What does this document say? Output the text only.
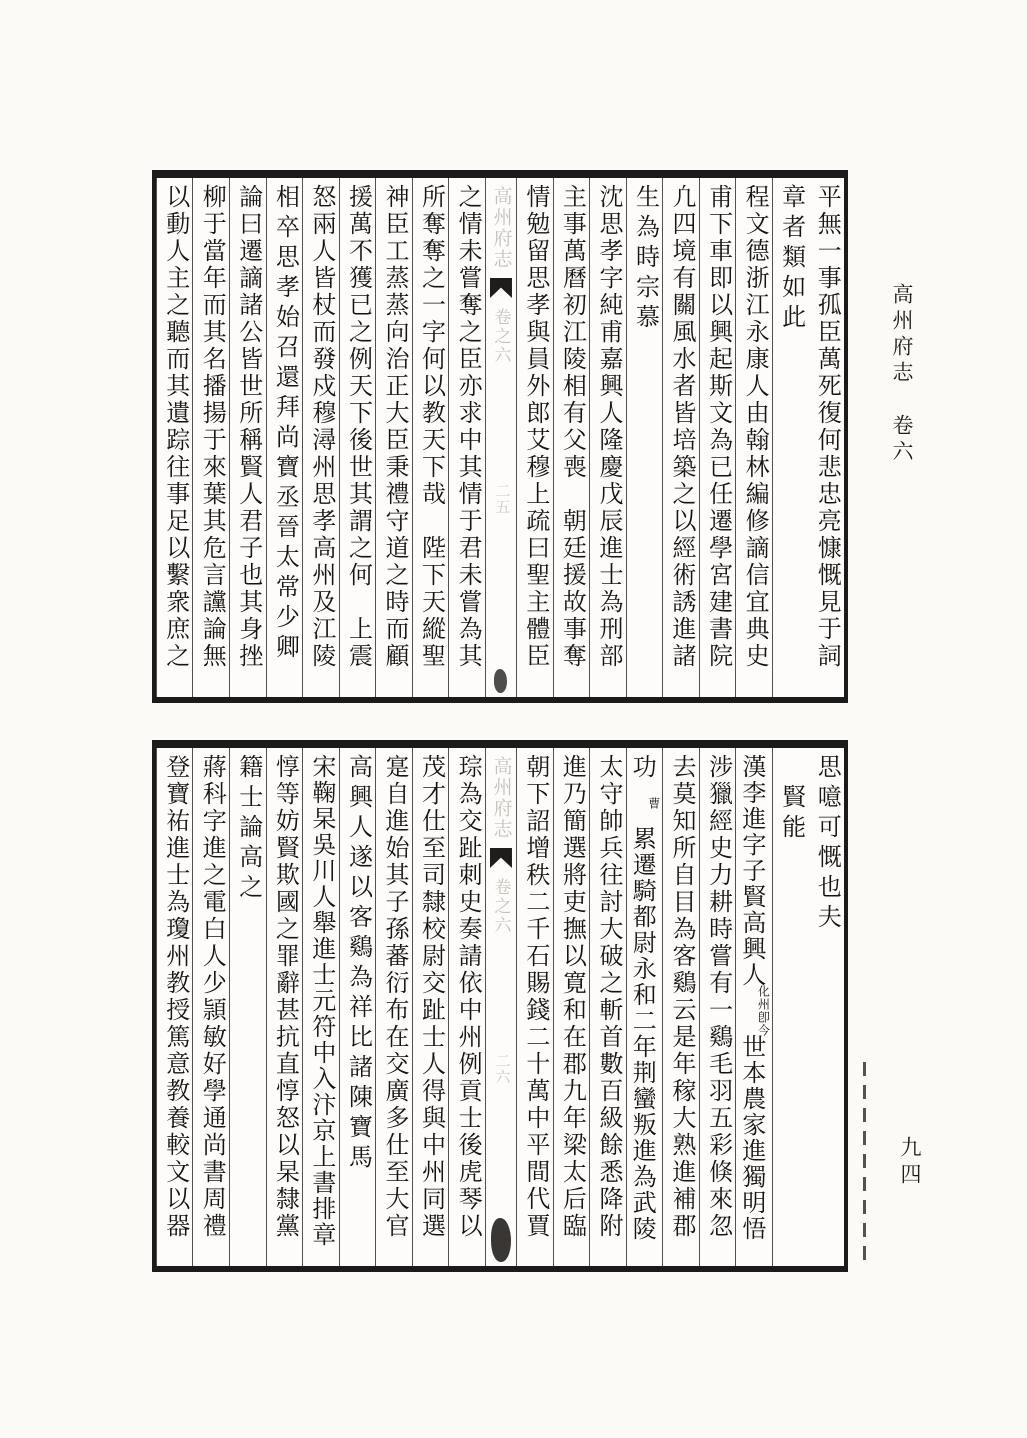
高州府志卷六
九四
平無一事孤臣萬死復何悲忠亮慷慨見于詞
章者類如此
程文德浙江永康人由翰林編修謫信宜典史
甫下車即以興起斯文為已任遷學宮建書院
凢四境有關風水者皆培築之以經術誘進諸
生為時宗慕
沈思孝字純甫嘉興人隆慶戊辰進士為刑部
主事萬曆初江陵相有父喪　朝廷援故事奪
情勉留思孝與員外郎艾穆上疏曰聖主體臣
高州府志
卷之六
二五
之情未嘗奪之臣亦求中其情于君未嘗為其
所奪奪之一字何以教天下哉　陛下天縱聖
神臣工蒸蒸向治正大臣秉禮守道之時而顧
援萬不獲已之例天下後世其謂之何　上震
怒兩人皆杖而發戍穆潯州思孝高州及江陵
相卒思孝始召還拜尚寶丞晉太常少卿
論曰遷謫諸公皆世所稱賢人君子也其身挫
柳于當年而其名播揚于來葉其危言讜論無
以動人主之聽而其遺踪往事足以繫衆庶之
思噫可慨也夫
　賢能
漢李進字子賢高興人
卽今
化州
世本農家進獨明悟
涉獵經史力耕時嘗有一鷄毛羽五彩倏來忽
去莫知所自目為客鷄云是年稼大熟進補郡
功
曹
累遷騎都尉永和二年荆蠻叛進為武陵
太守帥兵往討大破之斬首數百級餘悉降附
進乃簡選將吏撫以寛和在郡九年梁太后臨
朝下詔增秩二千石賜錢二十萬中平間代賈
高州府志
卷之六
二六
琮為交趾刺史奏請依中州例貢士後虎琴以
茂才仕至司隸校尉交趾士人得與中州同選
寔自進始其子孫蕃衍布在交廣多仕至大官
高興人遂以客鷄為祥比諸陳寶馬
宋鞠杲吳川人舉進士元符中入汴京上書排章
惇等妨賢欺國之罪辭甚抗直惇怒以杲隸黨
籍士論高之
蔣科字進之電白人少頴敏好學通尚書周禮
登寶祐進士為瓊州教授篤意教養較文以器
